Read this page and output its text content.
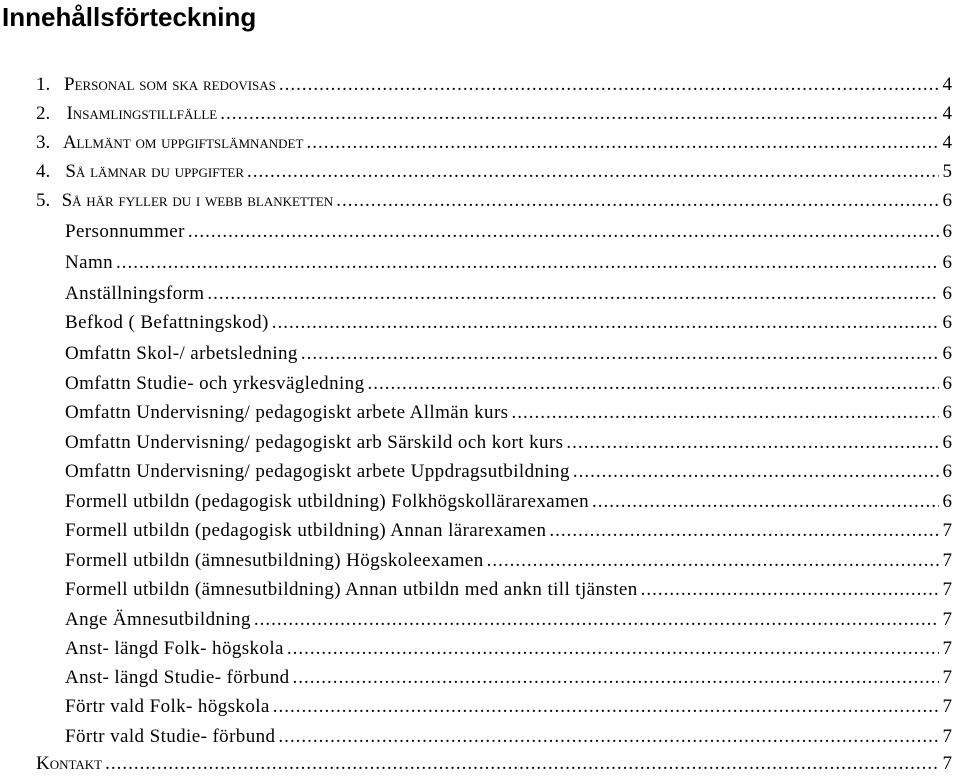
Innehållsförteckning
1. Personal som ska redovisas .....	4
2. Insamlingstillfälle .....	4
3. Allmänt om uppgiftslämnandet .....	4
4. Så lämnar du uppgifter .....	5
5. Så här fyller du i webb blanketten .....	6
Personnummer .....	6
Namn .....	6
Anställningsform .....	6
Befkod ( Befattningskod) .....	6
Omfattn Skol-/ arbetsledning .....	6
Omfattn Studie- och yrkesvägledning .....	6
Omfattn Undervisning/ pedagogiskt arbete Allmän kurs .....	6
Omfattn Undervisning/ pedagogiskt arb Särskild och kort kurs .....	6
Omfattn Undervisning/ pedagogiskt arbete Uppdragsutbildning .....	6
Formell utbildn (pedagogisk utbildning) Folkhögskollärarexamen .....	6
Formell utbildn (pedagogisk utbildning) Annan lärarexamen .....	7
Formell utbildn (ämnesutbildning) Högskoleexamen .....	7
Formell utbildn (ämnesutbildning) Annan utbildn med ankn till tjänsten .....	7
Ange Ämnesutbildning .....	7
Anst- längd Folk- högskola .....	7
Anst- längd Studie- förbund .....	7
Förtr vald Folk- högskola .....	7
Förtr vald Studie- förbund .....	7
Kontakt .....	7
